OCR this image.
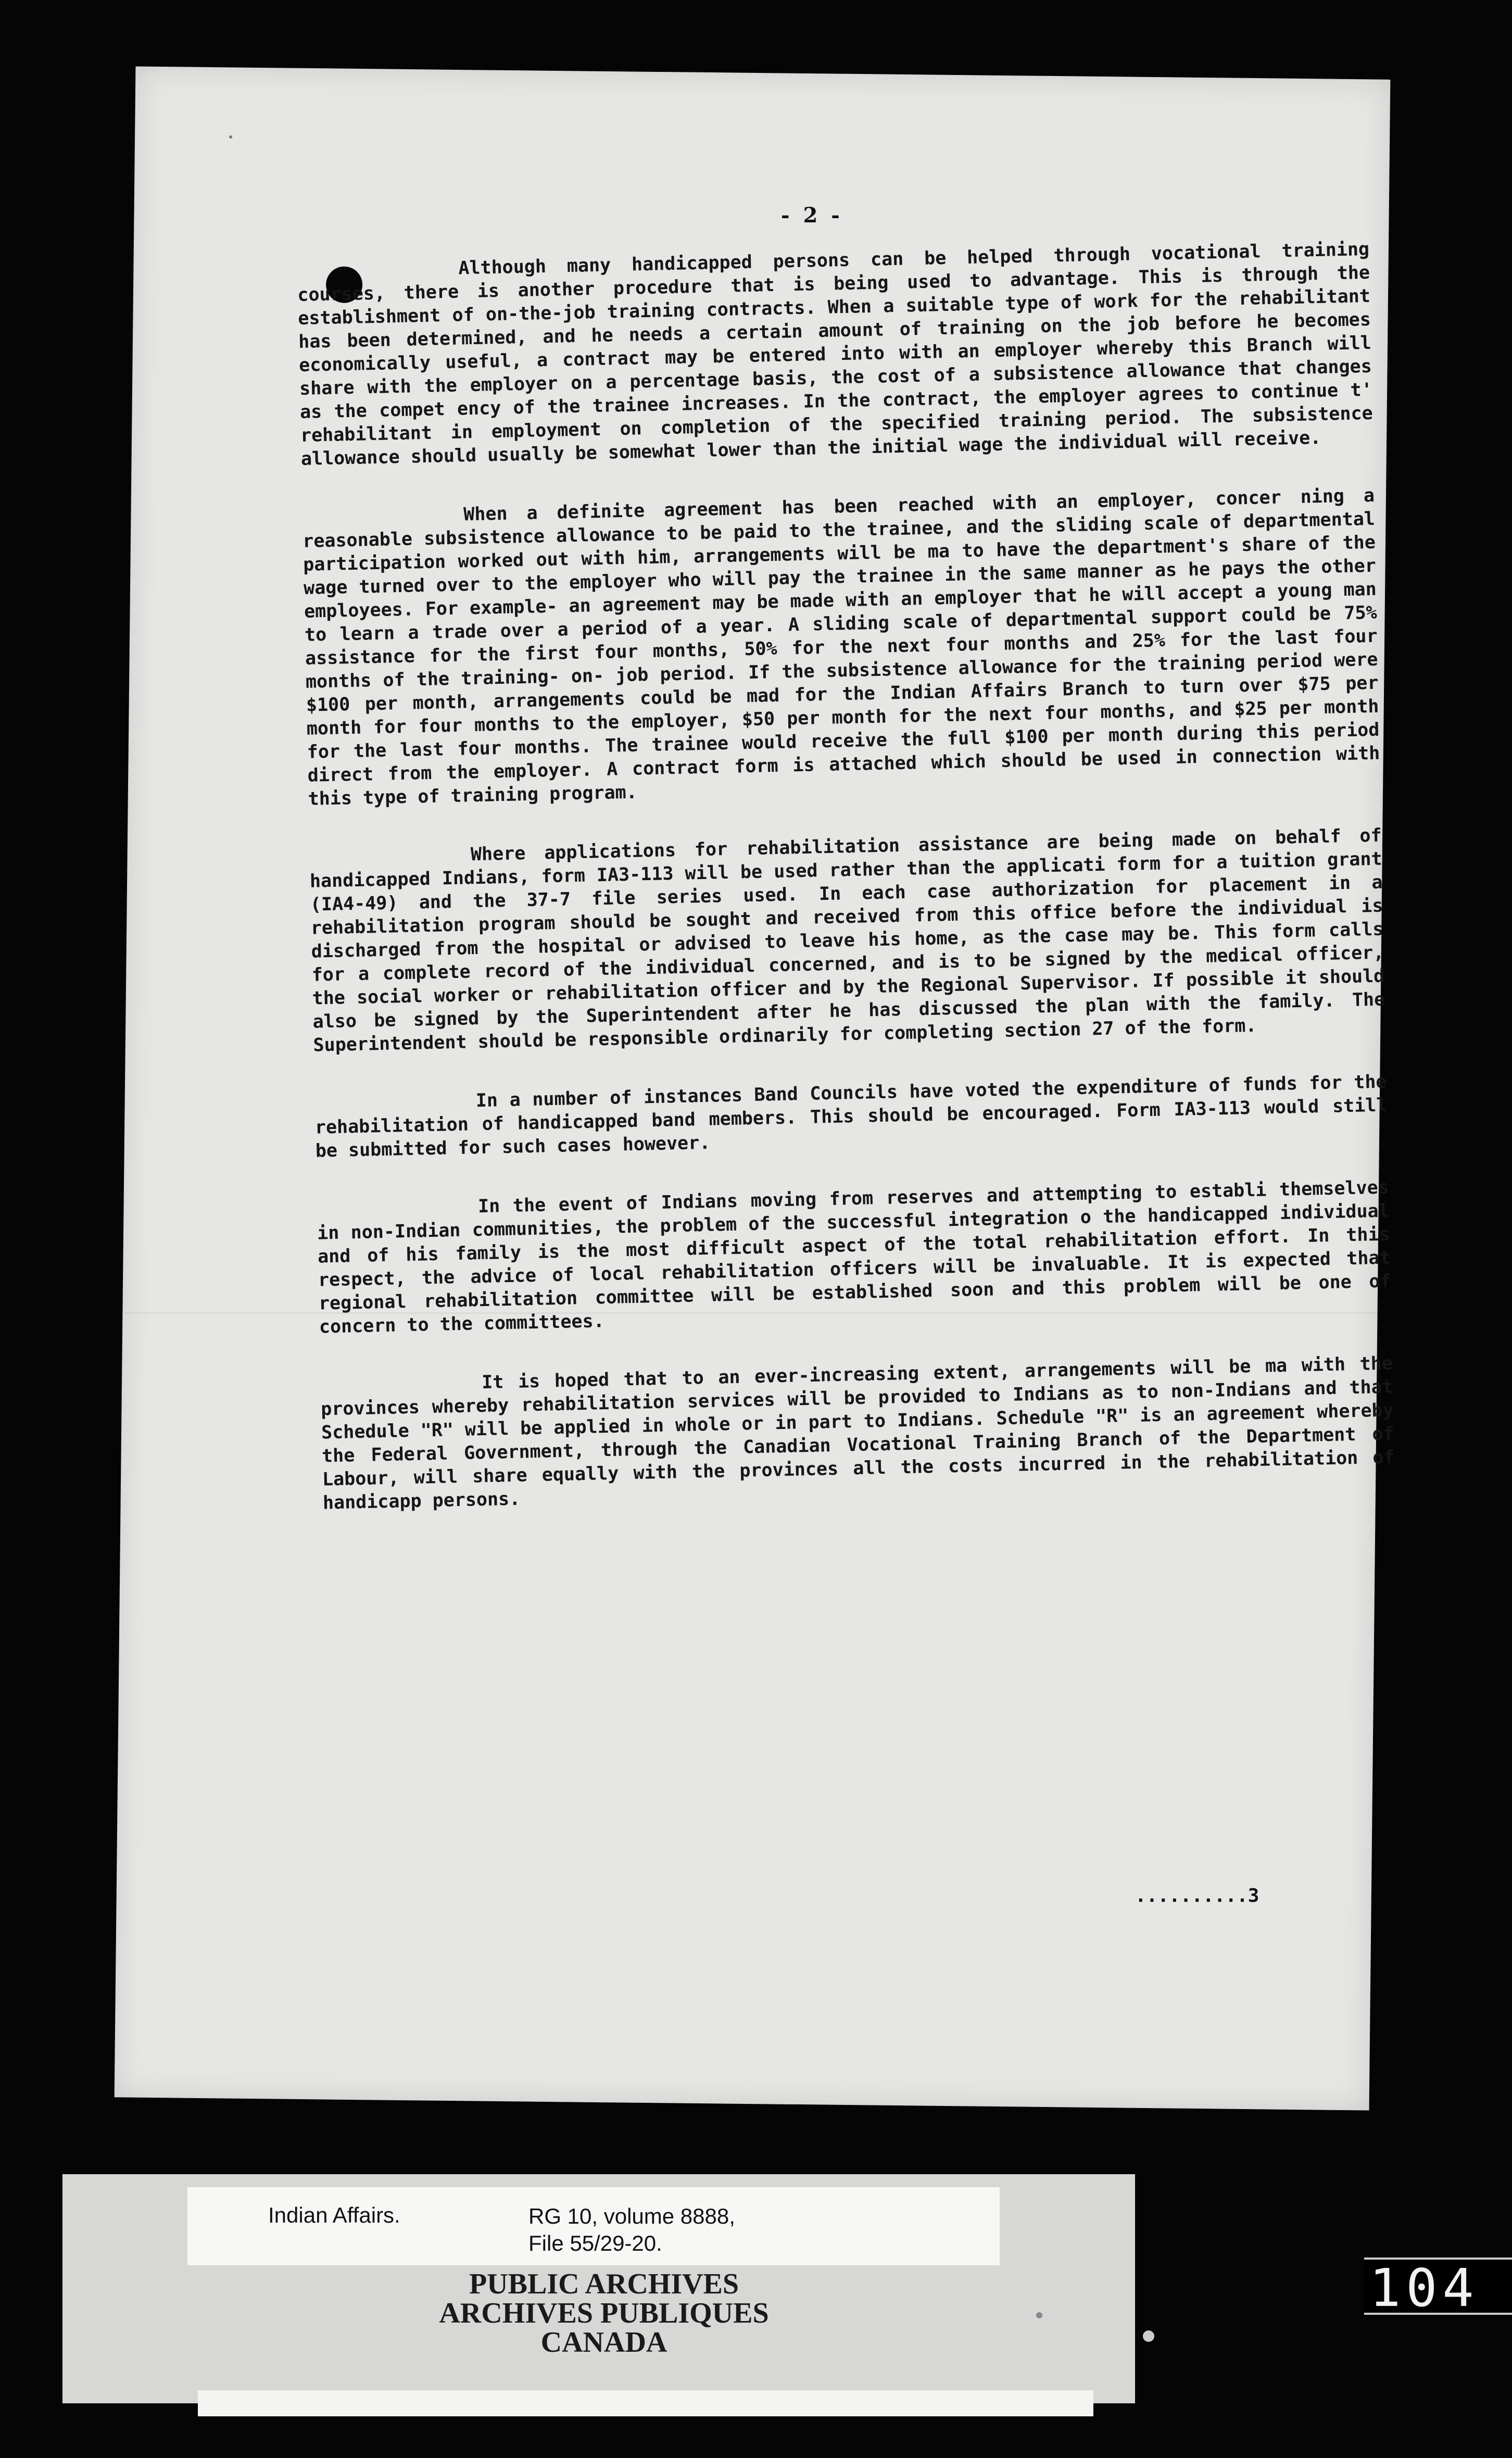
- 2 -

Although many handicapped persons can be helped through vocational training courses, there is another procedure that is being used to advantage. This is through the establishment of on-the-job training contracts. When a suitable type of work for the rehabilitant has been determined, and he needs a certain amount of training on the job before he becomes economically useful, a contract may be entered into with an employer whereby this Branch will share with the employer on a percentage basis, the cost of a subsistence allowance that changes as the compet ency of the trainee increases. In the contract, the employer agrees to continue t' rehabilitant in employment on completion of the specified training period. The subsistence allowance should usually be somewhat lower than the initial wage the individual will receive.

When a definite agreement has been reached with an employer, concer ning a reasonable subsistence allowance to be paid to the trainee, and the sliding scale of departmental participation worked out with him, arrangements will be ma to have the department's share of the wage turned over to the employer who will pay the trainee in the same manner as he pays the other employees. For example- an agreement may be made with an employer that he will accept a young man to learn a trade over a period of a year. A sliding scale of departmental support could be 75% assistance for the first four months, 50% for the next four months and 25% for the last four months of the training- on- job period. If the subsistence allowance for the training period were $100 per month, arrangements could be mad for the Indian Affairs Branch to turn over $75 per month for four months to the employer, $50 per month for the next four months, and $25 per month for the last four months. The trainee would receive the full $100 per month during this period direct from the employer. A contract form is attached which should be used in connection with this type of training program.

Where applications for rehabilitation assistance are being made on behalf of handicapped Indians, form IA3-113 will be used rather than the applicati form for a tuition grant (IA4-49) and the 37-7 file series used. In each case authorization for placement in a rehabilitation program should be sought and received from this office before the individual is discharged from the hospital or advised to leave his home, as the case may be. This form calls for a complete record of the individual concerned, and is to be signed by the medical officer, the social worker or rehabilitation officer and by the Regional Supervisor. If possible it should also be signed by the Superintendent after he has discussed the plan with the family. The Superintendent should be responsible ordinarily for completing section 27 of the form.

In a number of instances Band Councils have voted the expenditure of funds for the rehabilitation of handicapped band members. This should be encouraged. Form IA3-113 would still be submitted for such cases however.

In the event of Indians moving from reserves and attempting to establi themselves in non-Indian communities, the problem of the successful integration o the handicapped individual and of his family is the most difficult aspect of the total rehabilitation effort. In this respect, the advice of local rehabilitation officers will be invaluable. It is expected that regional rehabilitation committee will be established soon and this problem will be one of concern to the committees.

It is hoped that to an ever-increasing extent, arrangements will be ma with the provinces whereby rehabilitation services will be provided to Indians as to non-Indians and that Schedule "R" will be applied in whole or in part to Indians. Schedule "R" is an agreement whereby the Federal Government, through the Canadian Vocational Training Branch of the Department of Labour, will share equally with the provinces all the costs incurred in the rehabilitation of handicapp persons.

..........3
Indian Affairs.	RG 10, volume 8888,
File 55/29-20.
PUBLIC ARCHIVES
ARCHIVES PUBLIQUES
CANADA
104
